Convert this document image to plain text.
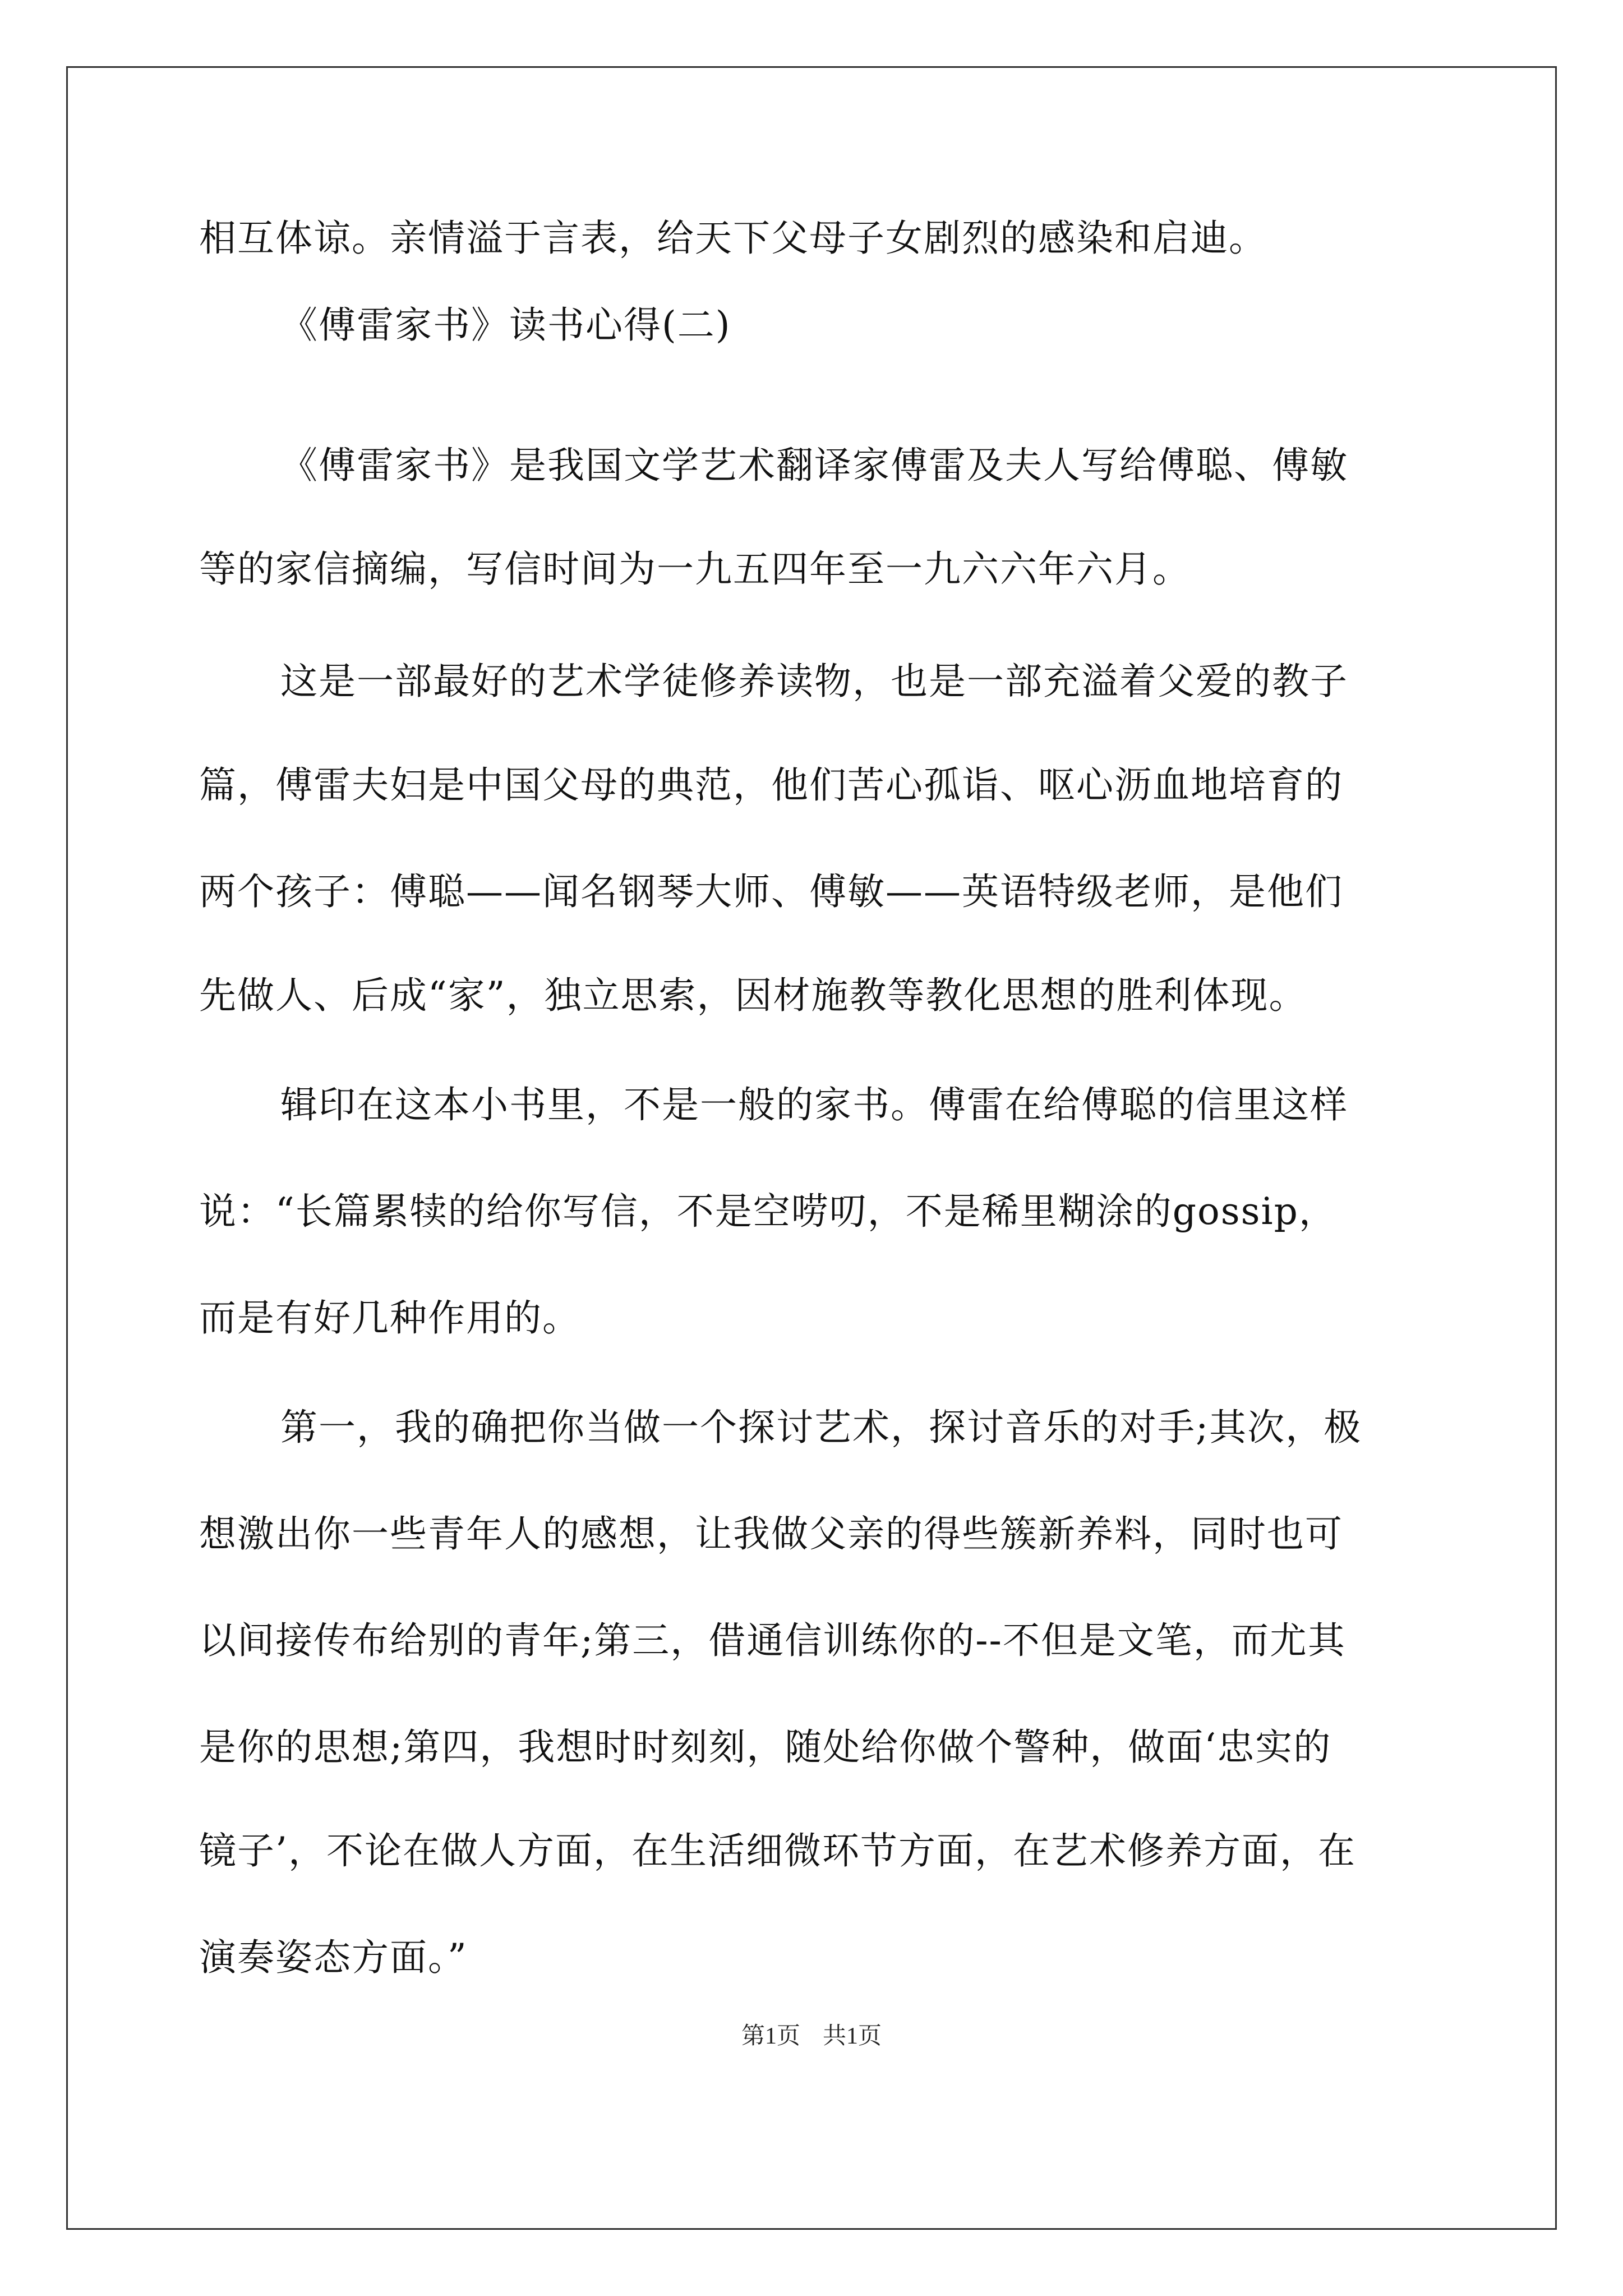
相互体谅。亲情溢于言表，给天下父母子女剧烈的感染和启迪。
《傅雷家书》读书心得(二)
《傅雷家书》是我国文学艺术翻译家傅雷及夫人写给傅聪、傅敏
等的家信摘编，写信时间为一九五四年至一九六六年六月。
这是一部最好的艺术学徒修养读物，也是一部充溢着父爱的教子
篇，傅雷夫妇是中国父母的典范，他们苦心孤诣、呕心沥血地培育的
两个孩子：傅聪——闻名钢琴大师、傅敏——英语特级老师，是他们
先做人、后成“家”，独立思索，因材施教等教化思想的胜利体现。
辑印在这本小书里，不是一般的家书。傅雷在给傅聪的信里这样
说：“长篇累犊的给你写信，不是空唠叨，不是稀里糊涂的gossip，
而是有好几种作用的。
第一，我的确把你当做一个探讨艺术，探讨音乐的对手;其次，极
想激出你一些青年人的感想，让我做父亲的得些簇新养料，同时也可
以间接传布给别的青年;第三，借通信训练你的--不但是文笔，而尤其
是你的思想;第四，我想时时刻刻，随处给你做个警种，做面‘忠实的
镜子’，不论在做人方面，在生活细微环节方面，在艺术修养方面，在
演奏姿态方面。”
第1页 共1页
